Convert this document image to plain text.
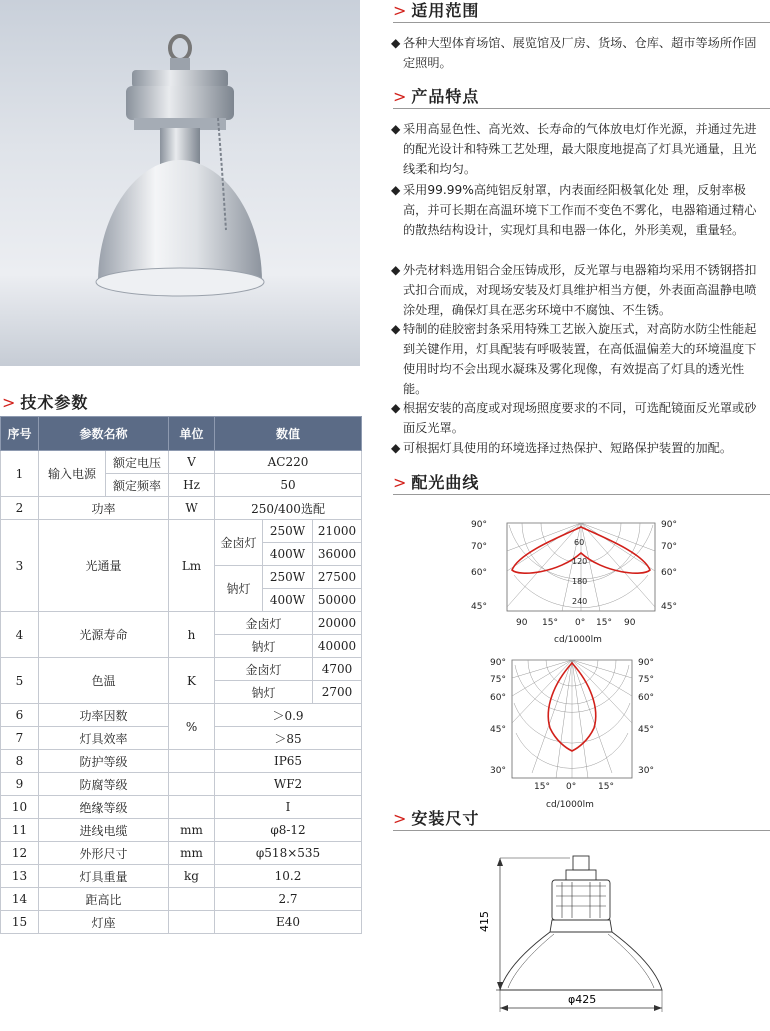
> 技术参数
序号	参数名称		单位	数值		
1	输入电源	额定电压	V	AC220		
		额定频率	Hz	50		
2	功率		W	250/400选配		
3	光通量		Lm	金卤灯	250W	21000
					400W	36000
				钠灯	250W	27500
					400W	50000
4	光源寿命		h	金卤灯		20000
				钠灯		40000
5	色温		K	金卤灯		4700
				钠灯		2700
6	功率因数		%	＞0.9		
7	灯具效率			＞85		
8	防护等级			IP65		
9	防腐等级			WF2		
10	绝缘等级			Ⅰ		
11	进线电缆		mm	φ8-12		
12	外形尺寸		mm	φ518×535		
13	灯具重量		kg	10.2		
14	距高比			2.7		
15	灯座			E40		
> 适用范围
◆ 各种大型体育场馆、展览馆及厂房、货场、仓库、超市等场所作固定照明。
> 产品特点
◆ 采用高显色性、高光效、长寿命的气体放电灯作光源，并通过先进的配光设计和特殊工艺处理，最大限度地提高了灯具光通量，且光线柔和均匀。
◆ 采用99.99%高纯铝反射罩，内表面经阳极氧化处 理，反射率极高，并可长期在高温环境下工作而不变色不雾化，电器箱通过精心的散热结构设计，实现灯具和电器一体化，外形美观，重量轻。
◆ 外壳材料选用铝合金压铸成形，反光罩与电器箱均采用不锈钢搭扣式扣合而成，对现场安装及灯具维护相当方便，外表面高温静电喷涂处理，确保灯具在恶劣环境中不腐蚀、不生锈。
◆ 特制的硅胶密封条采用特殊工艺嵌入旋压式，对高防水防尘性能起到关键作用，灯具配装有呼吸装置，在高低温偏差大的环境温度下使用时均不会出现水凝珠及雾化现像，有效提高了灯具的透光性能。
◆ 根据安装的高度或对现场照度要求的不同，可选配镜面反光罩或砂面反光罩。
◆ 可根据灯具使用的环境选择过热保护、短路保护装置的加配。
> 配光曲线
90°
70°
60°
45°
90°
70°
60°
45°
60
120
180
240
90 15° 0° 15° 90
cd/1000lm
90°
75°
60°
45°
30°
90°
75°
60°
45°
30°
15° 0° 15°
cd/1000lm
> 安装尺寸
415
φ425
